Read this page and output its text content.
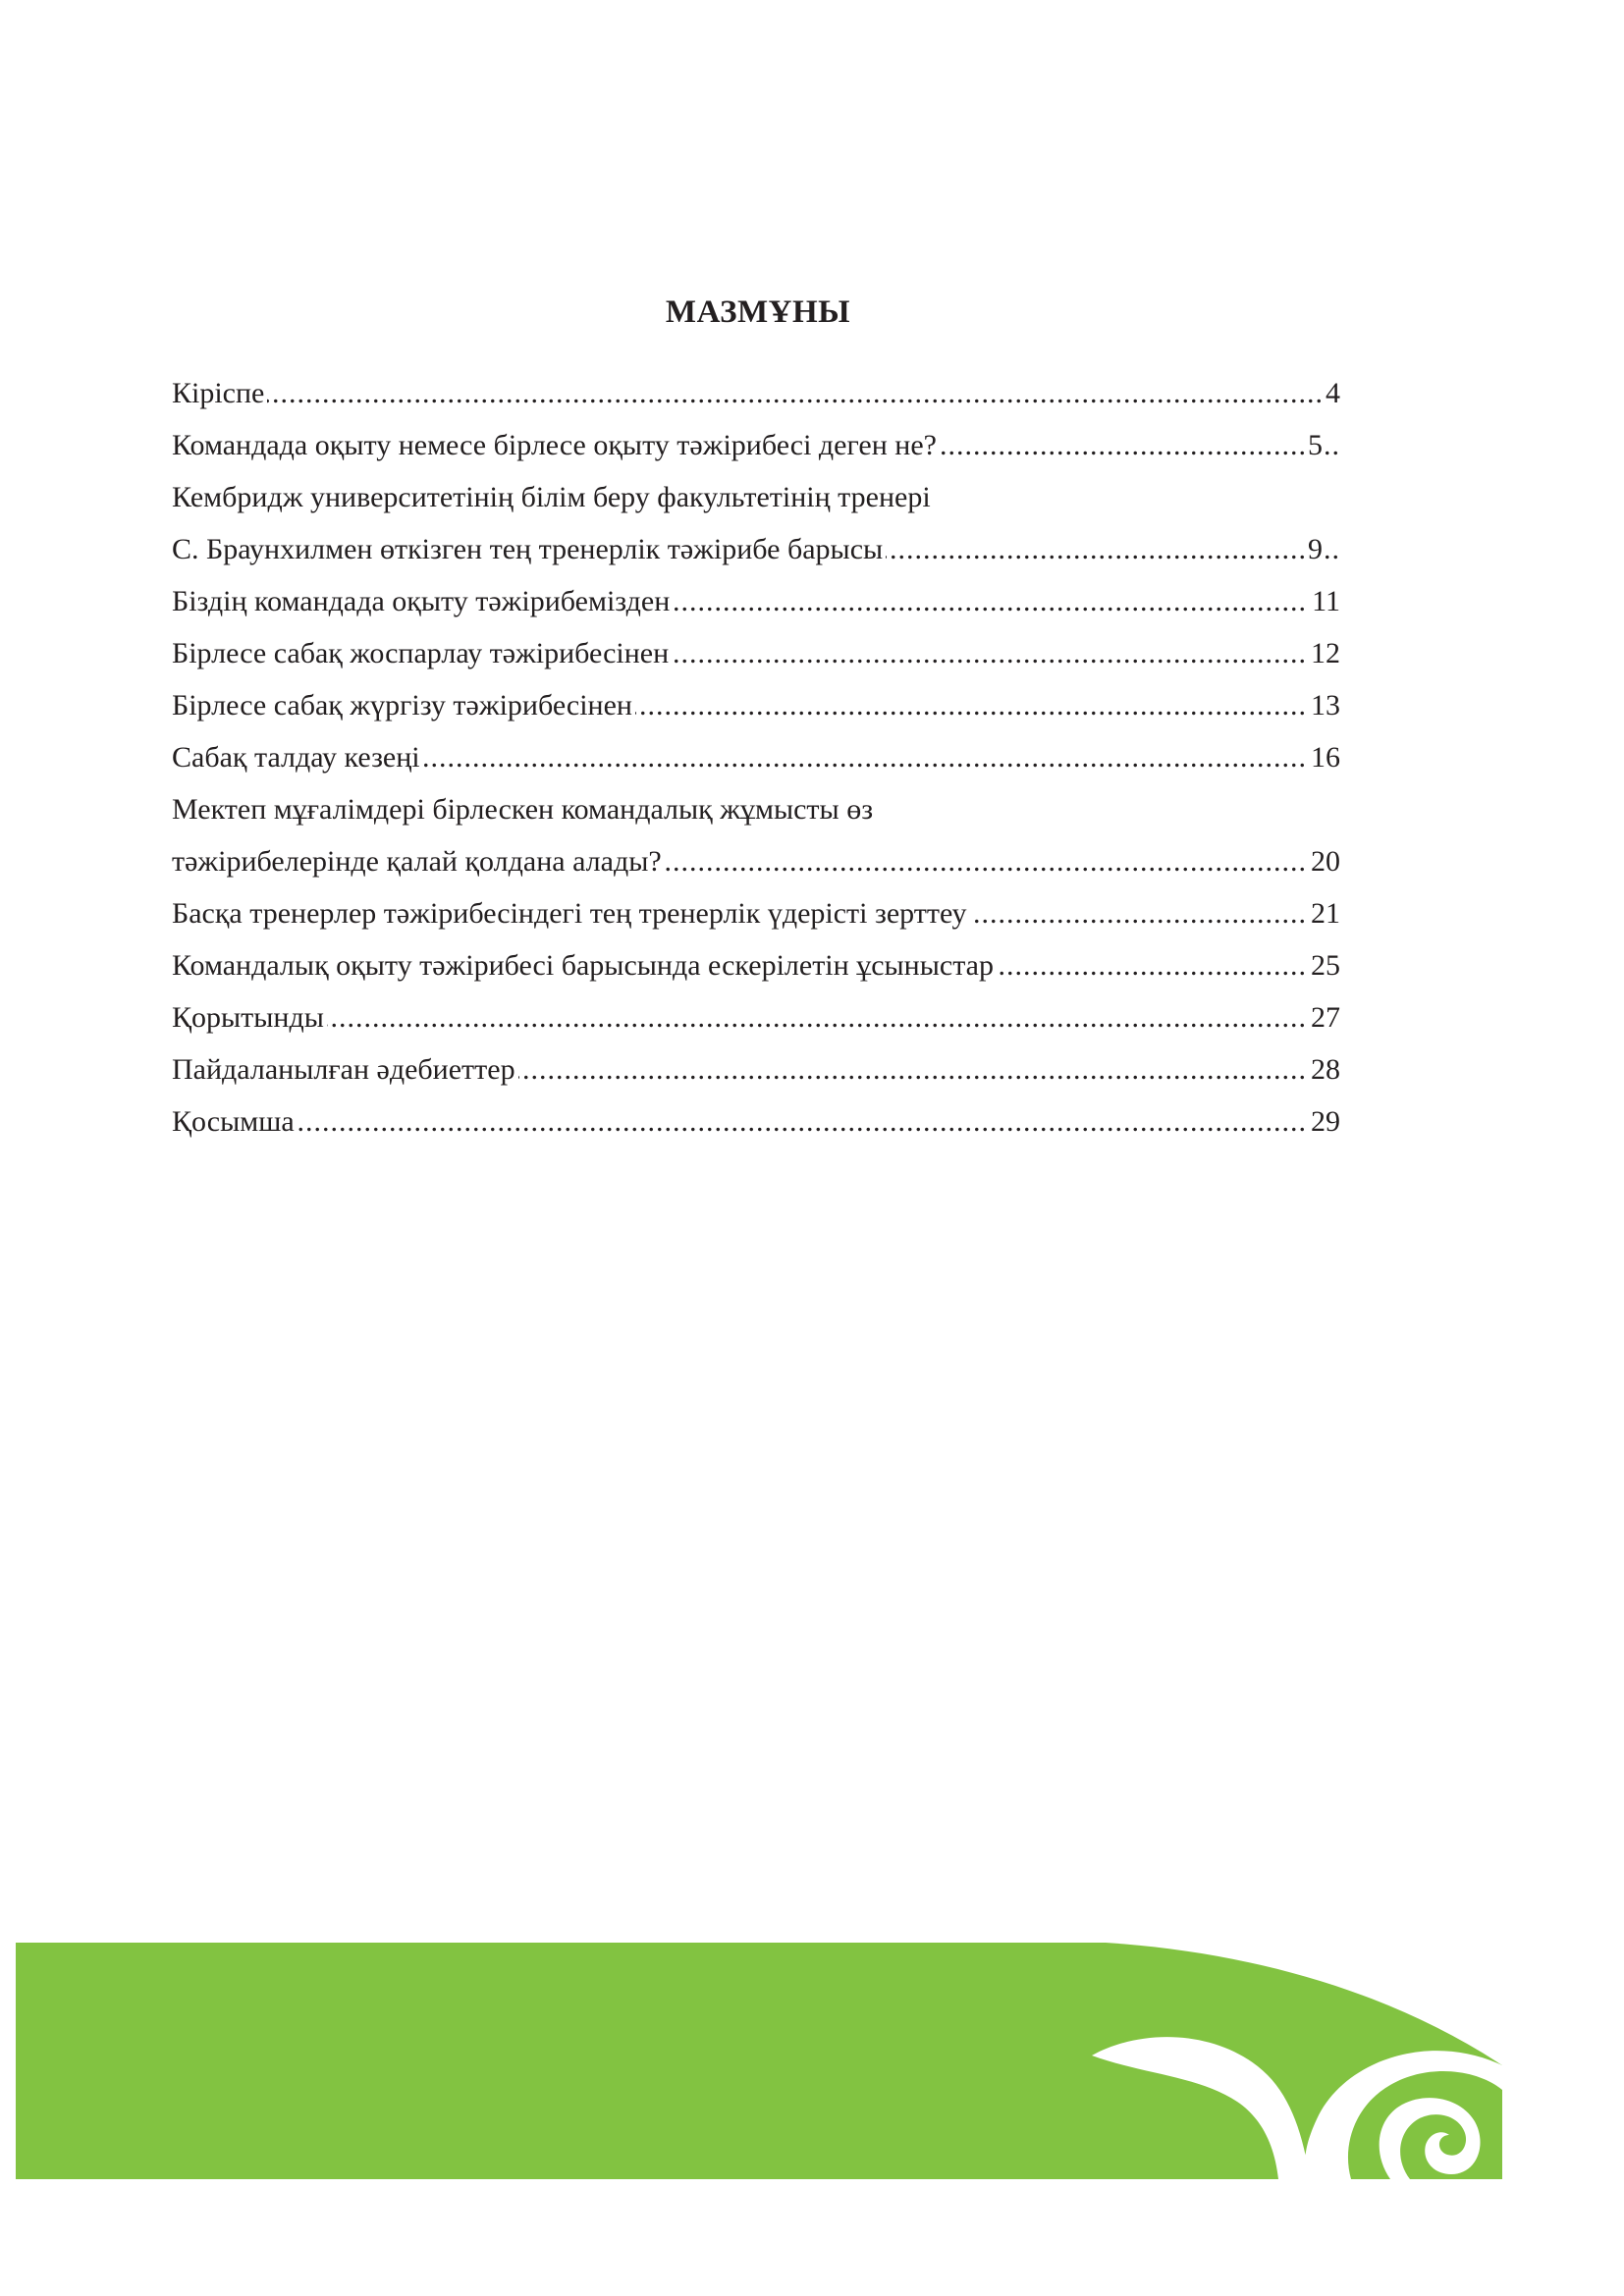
МАЗМҰНЫ
.....
Кіріспе	4
.....
Командада оқыту немесе бірлесе оқыту тәжірибесі деген не?	5
Кембридж университетінің білім беру факультетінің тренері
.....
С. Браунхилмен өткізген тең тренерлік тәжірибе барысы	9
.....
Біздің командада оқыту тәжірибемізден	11
.....
Бірлесе сабақ жоспарлау тәжірибесінен	12
.....
Бірлесе сабақ жүргізу тәжірибесінен	13
.....
Сабақ талдау кезеңі	16
Мектеп мұғалімдері бірлескен командалық жұмысты өз
.....
тәжірибелерінде қалай қолдана алады?	20
.....
Басқа тренерлер тәжірибесіндегі тең тренерлік үдерісті зерттеу	21
.....
Командалық оқыту тәжірибесі барысында ескерілетін ұсыныстар	25
.....
Қорытынды	27
.....
Пайдаланылған әдебиеттер	28
.....
Қосымша	29
